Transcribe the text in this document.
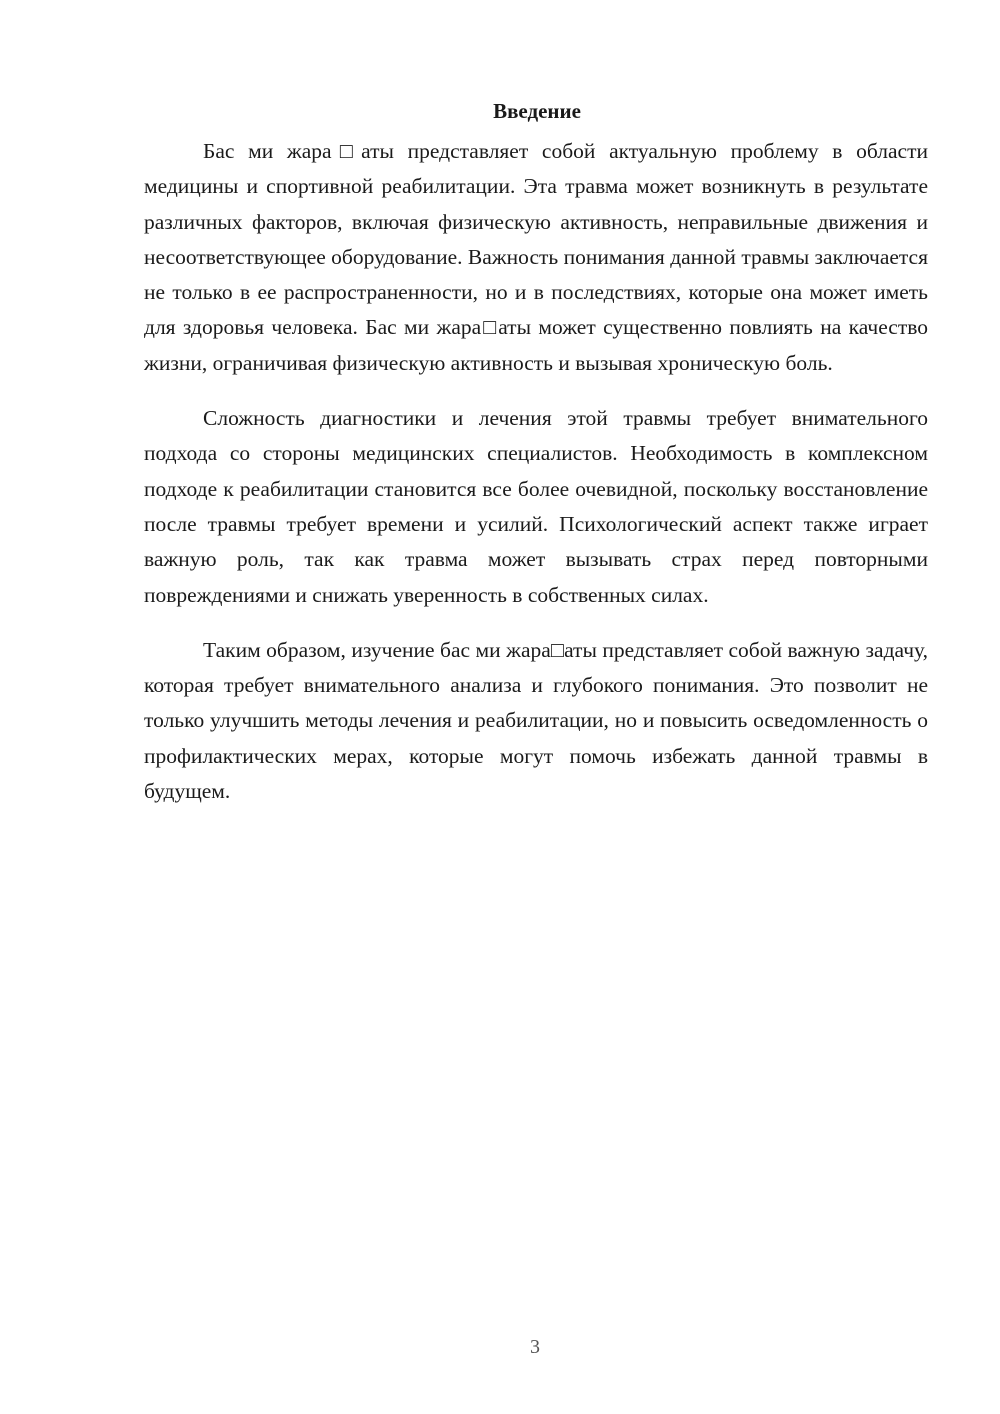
Введение

Бас ми жара□аты представляет собой актуальную проблему в области медицины и спортивной реабилитации. Эта травма может возникнуть в результате различных факторов, включая физическую активность, неправильные движения и несоответствующее оборудование. Важность понимания данной травмы заключается не только в ее распространенности, но и в последствиях, которые она может иметь для здоровья человека. Бас ми жара□аты может существенно повлиять на качество жизни, ограничивая физическую активность и вызывая хроническую боль.

Сложность диагностики и лечения этой травмы требует внимательного подхода со стороны медицинских специалистов. Необходимость в комплексном подходе к реабилитации становится все более очевидной, поскольку восстановление после травмы требует времени и усилий. Психологический аспект также играет важную роль, так как травма может вызывать страх перед повторными повреждениями и снижать уверенность в собственных силах.

Таким образом, изучение бас ми жара□аты представляет собой важную задачу, которая требует внимательного анализа и глубокого понимания. Это позволит не только улучшить методы лечения и реабилитации, но и повысить осведомленность о профилактических мерах, которые могут помочь избежать данной травмы в будущем.

3
